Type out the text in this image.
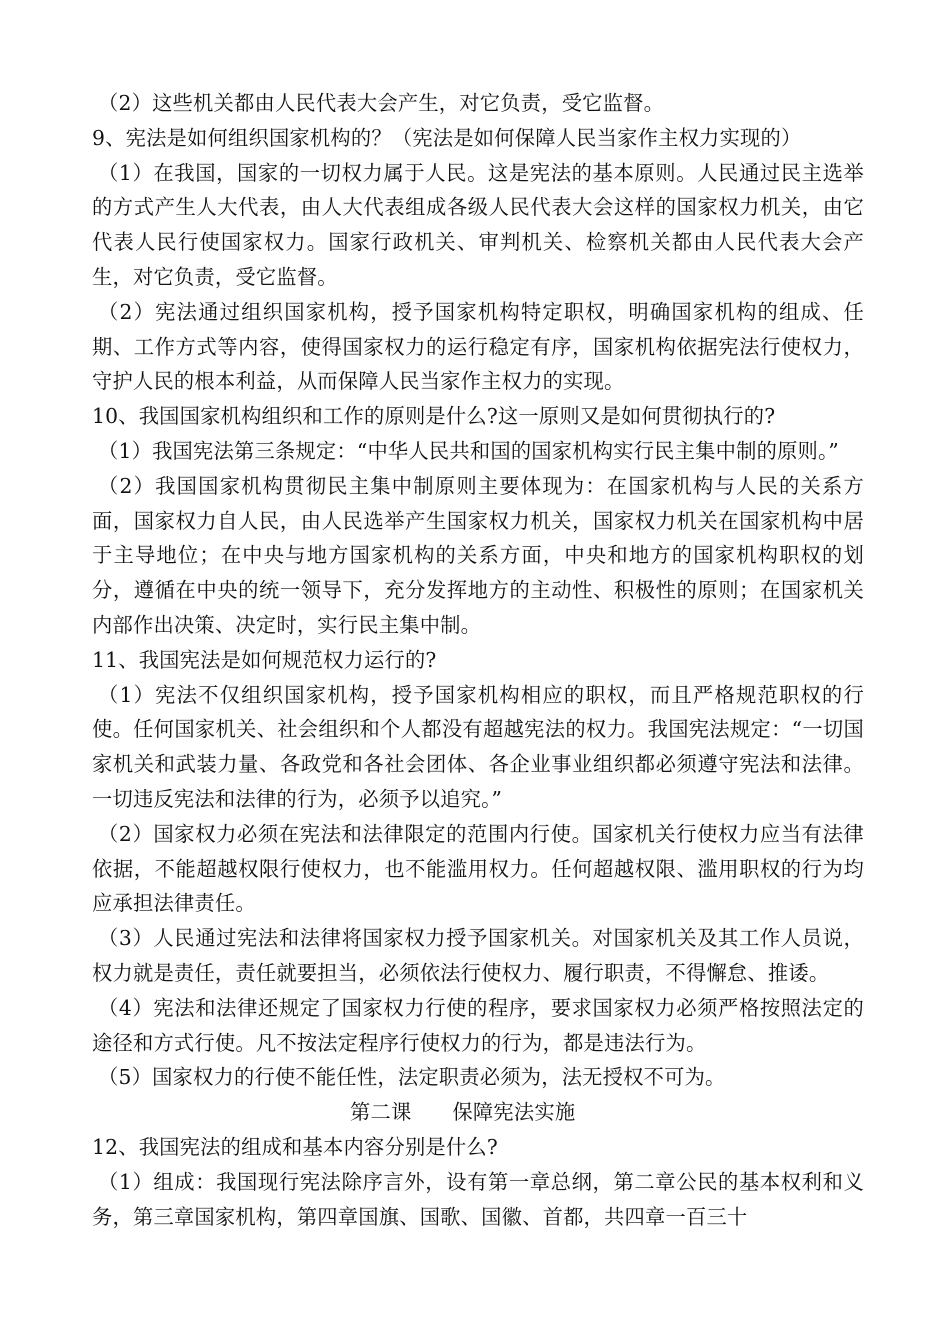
（2）这些机关都由人民代表大会产生，对它负责，受它监督。

9、宪法是如何组织国家机构的？（宪法是如何保障人民当家作主权力实现的）

（1）在我国，国家的一切权力属于人民。这是宪法的基本原则。人民通过民主选举的方式产生人大代表，由人大代表组成各级人民代表大会这样的国家权力机关，由它代表人民行使国家权力。国家行政机关、审判机关、检察机关都由人民代表大会产生，对它负责，受它监督。

（2）宪法通过组织国家机构，授予国家机构特定职权，明确国家机构的组成、任期、工作方式等内容，使得国家权力的运行稳定有序，国家机构依据宪法行使权力，守护人民的根本利益，从而保障人民当家作主权力的实现。

10、我国国家机构组织和工作的原则是什么?这一原则又是如何贯彻执行的?

（1）我国宪法第三条规定：“中华人民共和国的国家机构实行民主集中制的原则。”

（2）我国国家机构贯彻民主集中制原则主要体现为：在国家机构与人民的关系方面，国家权力自人民，由人民选举产生国家权力机关，国家权力机关在国家机构中居于主导地位；在中央与地方国家机构的关系方面，中央和地方的国家机构职权的划分，遵循在中央的统一领导下，充分发挥地方的主动性、积极性的原则；在国家机关内部作出决策、决定时，实行民主集中制。

11、我国宪法是如何规范权力运行的?

（1）宪法不仅组织国家机构，授予国家机构相应的职权，而且严格规范职权的行使。任何国家机关、社会组织和个人都没有超越宪法的权力。我国宪法规定：“一切国家机关和武装力量、各政党和各社会团体、各企业事业组织都必须遵守宪法和法律。一切违反宪法和法律的行为，必须予以追究。”

（2）国家权力必须在宪法和法律限定的范围内行使。国家机关行使权力应当有法律依据，不能超越权限行使权力，也不能滥用权力。任何超越权限、滥用职权的行为均应承担法律责任。

（3）人民通过宪法和法律将国家权力授予国家机关。对国家机关及其工作人员说，权力就是责任，责任就要担当，必须依法行使权力、履行职责，不得懈怠、推诿。

（4）宪法和法律还规定了国家权力行使的程序，要求国家权力必须严格按照法定的途径和方式行使。凡不按法定程序行使权力的行为，都是违法行为。

（5）国家权力的行使不能任性，法定职责必须为，法无授权不可为。

第二课　　保障宪法实施

12、我国宪法的组成和基本内容分别是什么?

（1）组成：我国现行宪法除序言外，设有第一章总纲，第二章公民的基本权利和义务，第三章国家机构，第四章国旗、国歌、国徽、首都，共四章一百三十
